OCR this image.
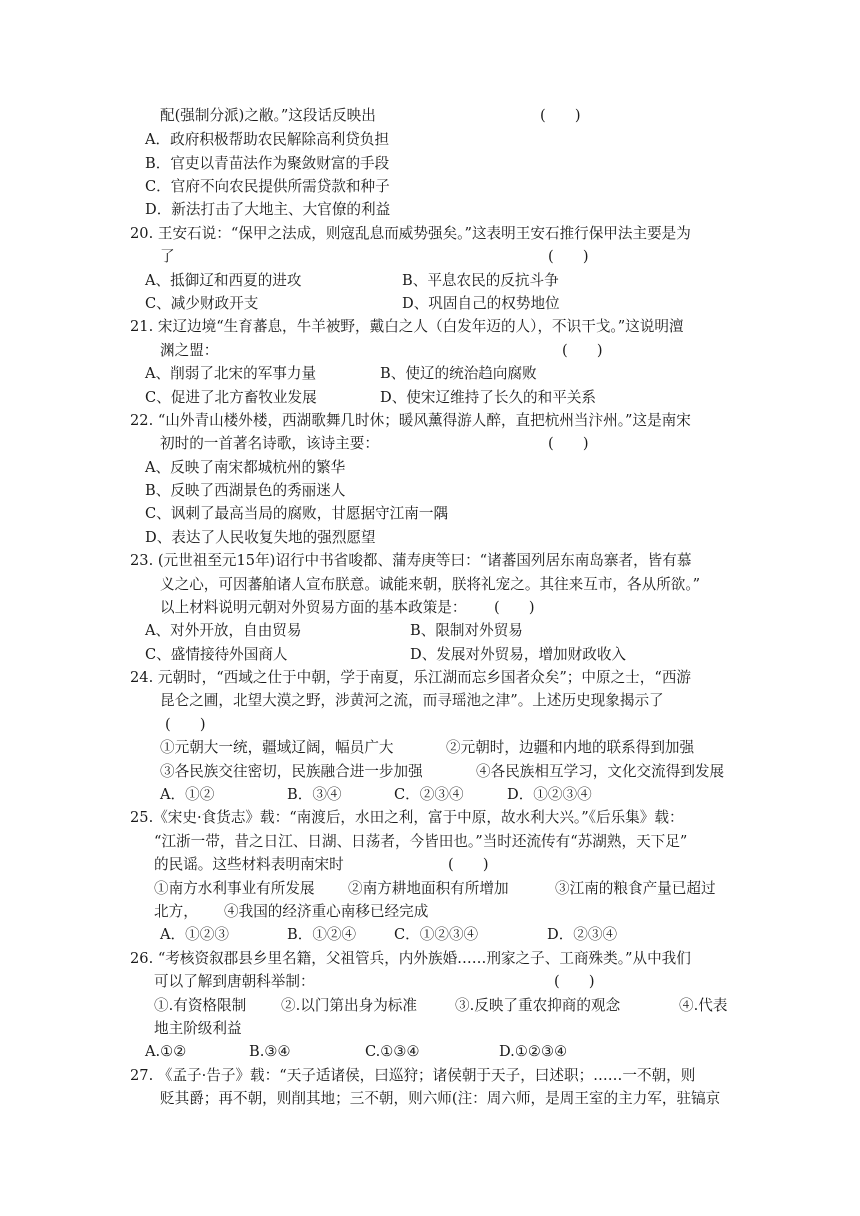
配(强制分派)之敝。”这段话反映出	(　　)
A．政府积极帮助农民解除高利贷负担
B．官吏以青苗法作为聚敛财富的手段
C．官府不向农民提供所需贷款和种子
D．新法打击了大地主、大官僚的利益
20. 王安石说：“保甲之法成，则寇乱息而威势强矣。”这表明王安石推行保甲法主要是为
了	(　　)
A、抵御辽和西夏的进攻	B、平息农民的反抗斗争
C、减少财政开支	D、巩固自己的权势地位
21. 宋辽边境“生育蕃息，牛羊被野，戴白之人（白发年迈的人），不识干戈。”这说明澶
渊之盟：	(　　)
A、削弱了北宋的军事力量	B、使辽的统治趋向腐败
C、促进了北方畜牧业发展	D、使宋辽维持了长久的和平关系
22. “山外青山楼外楼，西湖歌舞几时休；暖风薰得游人醉，直把杭州当汴州。”这是南宋
初时的一首著名诗歌，该诗主要：	(　　)
A、反映了南宋都城杭州的繁华
B、反映了西湖景色的秀丽迷人
C、讽刺了最高当局的腐败，甘愿据守江南一隅
D、表达了人民收复失地的强烈愿望
23. (元世祖至元15年)诏行中书省唆都、蒲寿庚等曰：“诸蕃国列居东南岛寨者，皆有慕
义之心，可因蕃舶诸人宣布朕意。诚能来朝，朕将礼宠之。其往来互市，各从所欲。”
以上材料说明元朝对外贸易方面的基本政策是： (　　)
A、对外开放，自由贸易	B、限制对外贸易
C、盛情接待外国商人	D、发展对外贸易，增加财政收入
24. 元朝时，“西域之仕于中朝，学于南夏，乐江湖而忘乡国者众矣”；中原之士，“西游
昆仑之圃，北望大漠之野，涉黄河之流，而寻瑶池之津”。上述历史现象揭示了
(　　)
①元朝大一统，疆域辽阔，幅员广大	②元朝时，边疆和内地的联系得到加强
③各民族交往密切，民族融合进一步加强	④各民族相互学习，文化交流得到发展
A．①②	B．③④	C．②③④	D．①②③④
25.《宋史·食货志》载：“南渡后，水田之利，富于中原，故水利大兴。”《后乐集》载：
“江浙一带，昔之日江、日湖、日荡者，今皆田也。”当时还流传有“苏湖熟，天下足”
的民谣。这些材料表明南宋时	(　　)
①南方水利事业有所发展 ②南方耕地面积有所增加	③江南的粮食产量已超过
北方， ④我国的经济重心南移已经完成
A．①②③	B．①②④	C．①②③④	D．②③④
26. “考核资叙郡县乡里名籍，父祖管兵，内外族婚……刑家之子、工商殊类。”从中我们
可以了解到唐朝科举制：	(　　)
①.有资格限制 ②.以门第出身为标准	③.反映了重农抑商的观念	④.代表
地主阶级利益
A.①②	B.③④	C.①③④	D.①②③④
27. 《孟子·告子》载：“天子适诸侯，曰巡狩；诸侯朝于天子，曰述职；……一不朝，则
贬其爵；再不朝，则削其地；三不朝，则六师(注：周六师，是周王室的主力军，驻镐京
